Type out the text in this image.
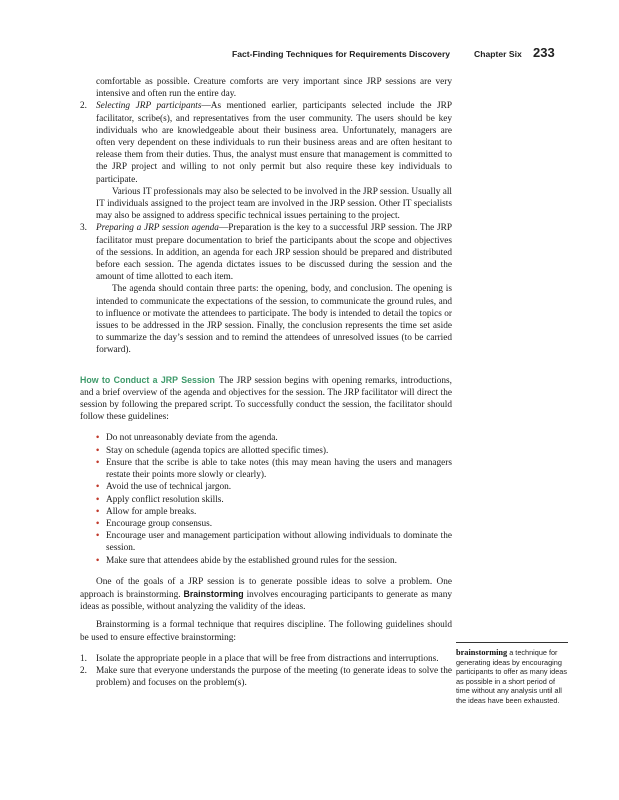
Fact-Finding Techniques for Requirements Discovery	Chapter Six 233

comfortable as possible. Creature comforts are very important since JRP sessions are very intensive and often run the entire day.

2. Selecting JRP participants—As mentioned earlier, participants selected include the JRP facilitator, scribe(s), and representatives from the user community. The users should be key individuals who are knowledgeable about their business area. Unfortunately, managers are often very dependent on these individuals to run their business areas and are often hesitant to release them from their duties. Thus, the analyst must ensure that management is committed to the JRP project and willing to not only permit but also require these key individuals to participate.

Various IT professionals may also be selected to be involved in the JRP session. Usually all IT individuals assigned to the project team are involved in the JRP session. Other IT specialists may also be assigned to address specific technical issues pertaining to the project.

3. Preparing a JRP session agenda—Preparation is the key to a successful JRP session. The JRP facilitator must prepare documentation to brief the participants about the scope and objectives of the sessions. In addition, an agenda for each JRP session should be prepared and distributed before each session. The agenda dictates issues to be discussed during the session and the amount of time allotted to each item.

The agenda should contain three parts: the opening, body, and conclusion. The opening is intended to communicate the expectations of the session, to communicate the ground rules, and to influence or motivate the attendees to participate. The body is intended to detail the topics or issues to be addressed in the JRP session. Finally, the conclusion represents the time set aside to summarize the day’s session and to remind the attendees of unresolved issues (to be carried forward).

How to Conduct a JRP Session The JRP session begins with opening remarks, introductions, and a brief overview of the agenda and objectives for the session. The JRP facilitator will direct the session by following the prepared script. To successfully conduct the session, the facilitator should follow these guidelines:

• Do not unreasonably deviate from the agenda.
• Stay on schedule (agenda topics are allotted specific times).
• Ensure that the scribe is able to take notes (this may mean having the users and managers restate their points more slowly or clearly).
• Avoid the use of technical jargon.
• Apply conflict resolution skills.
• Allow for ample breaks.
• Encourage group consensus.
• Encourage user and management participation without allowing individuals to dominate the session.
• Make sure that attendees abide by the established ground rules for the session.

One of the goals of a JRP session is to generate possible ideas to solve a problem. One approach is brainstorming. Brainstorming involves encouraging participants to generate as many ideas as possible, without analyzing the validity of the ideas.

Brainstorming is a formal technique that requires discipline. The following guidelines should be used to ensure effective brainstorming:

1. Isolate the appropriate people in a place that will be free from distractions and interruptions.

2. Make sure that everyone understands the purpose of the meeting (to generate ideas to solve the problem) and focuses on the problem(s).

brainstorming a technique for generating ideas by encouraging participants to offer as many ideas as possible in a short period of time without any analysis until all the ideas have been exhausted.
